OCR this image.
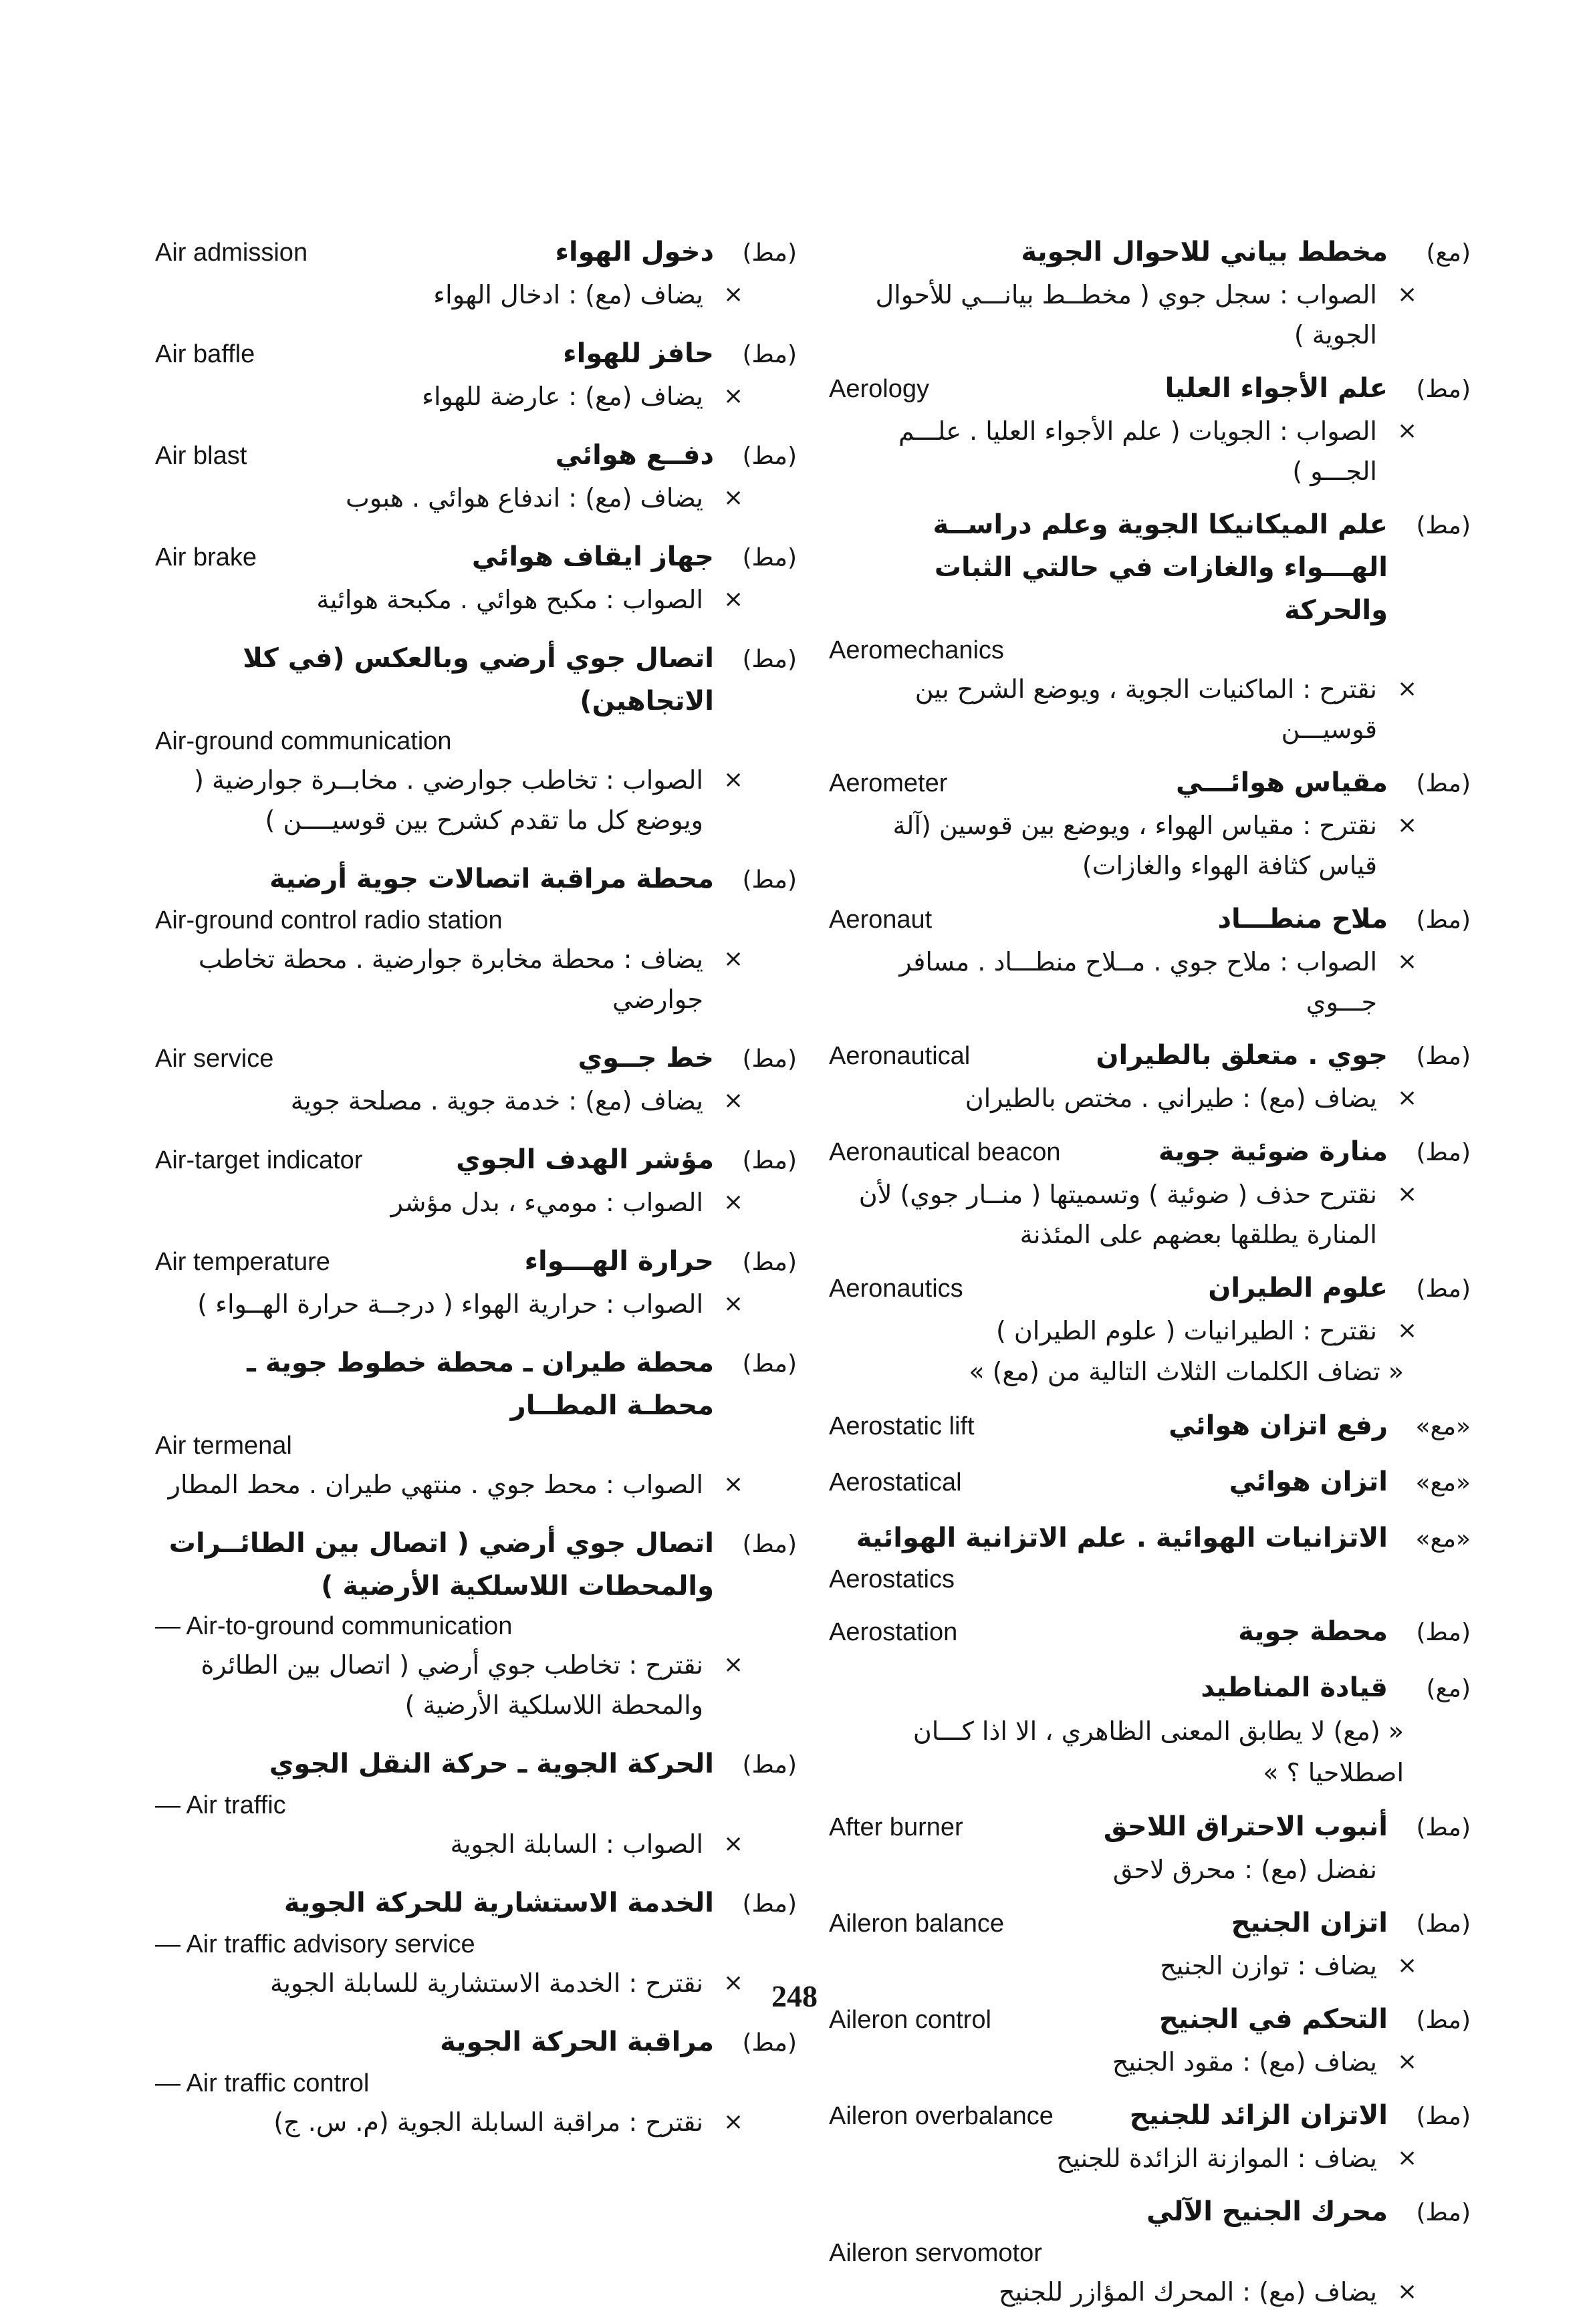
(مط)
دخول الهواء
Air admission
×
يضاف (مع) : ادخال الهواء
(مط)
حافز للهواء
Air baffle
×
يضاف (مع) : عارضة للهواء
(مط)
دفــع هوائي
Air blast
×
يضاف (مع) : اندفاع هوائي . هبوب
(مط)
جهاز ايقاف هوائي
Air brake
×
الصواب : مكبح هوائي . مكبحة هوائية
(مط)
اتصال جوي أرضي وبالعكس (في كلا الاتجاهين)
Air-ground communication
×
الصواب : تخاطب جوارضي . مخابــرة جوارضية ( ويوضع كل ما تقدم كشرح بين قوسيــــن )
(مط)
محطة مراقبة اتصالات جوية أرضية
Air-ground control radio station
×
يضاف : محطة مخابرة جوارضية . محطة تخاطب جوارضي
(مط)
خط جــوي
Air service
×
يضاف (مع) : خدمة جوية . مصلحة جوية
(مط)
مؤشر الهدف الجوي
Air-target indicator
×
الصواب : موميء ، بدل مؤشر
(مط)
حرارة الهـــواء
Air temperature
×
الصواب : حرارية الهواء ( درجــة حرارة الهــواء )
(مط)
محطة طيران ـ محطة خطوط جوية ـ محطـة المطــار
Air termenal
×
الصواب : محط جوي . منتهي طيران . محط المطار
(مط)
اتصال جوي أرضي ( اتصال بين الطائــرات والمحطات اللاسلكية الأرضية )
— Air-to-ground communication
×
نقترح : تخاطب جوي أرضي ( اتصال بين الطائرة والمحطة اللاسلكية الأرضية )
(مط)
الحركة الجوية ـ حركة النقل الجوي
— Air traffic
×
الصواب : السابلة الجوية
(مط)
الخدمة الاستشارية للحركة الجوية
— Air traffic advisory service
×
نقترح : الخدمة الاستشارية للسابلة الجوية
(مط)
مراقبة الحركة الجوية
— Air traffic control
×
نقترح : مراقبة السابلة الجوية (م. س. ج)
(مع)
مخطط بياني للاحوال الجوية
×
الصواب : سجل جوي ( مخطــط بيانـــي للأحوال الجوية )
(مط)
علم الأجواء العليا
Aerology
×
الصواب : الجويات ( علم الأجواء العليا . علـــم الجـــو )
(مط)
علم الميكانيكا الجوية وعلم دراســة الهـــواء والغازات في حالتي الثبات والحركة
Aeromechanics
×
نقترح : الماكنيات الجوية ، ويوضع الشرح بين قوسيـــن
(مط)
مقياس هوائـــي
Aerometer
×
نقترح : مقياس الهواء ، ويوضع بين قوسين (آلة قياس كثافة الهواء والغازات)
(مط)
ملاح منطـــاد
Aeronaut
×
الصواب : ملاح جوي . مــلاح منطـــاد . مسافر جـــوي
(مط)
جوي . متعلق بالطيران
Aeronautical
×
يضاف (مع) : طيراني . مختص بالطيران
(مط)
منارة ضوئية جوية
Aeronautical beacon
×
نقترح حذف ( ضوئية ) وتسميتها ( منــار جوي) لأن المنارة يطلقها بعضهم على المئذنة
(مط)
علوم الطيران
Aeronautics
×
نقترح : الطيرانيات ( علوم الطيران )
« تضاف الكلمات الثلاث التالية من (مع) »
«مع»
رفع اتزان هوائي
Aerostatic lift
«مع»
اتزان هوائي
Aerostatical
«مع»
الاتزانيات الهوائية . علم الاتزانية الهوائية
Aerostatics
(مط)
محطة جوية
Aerostation
(مع)
قيادة المناطيد
« (مع) لا يطابق المعنى الظاهري ، الا اذا كـــان اصطلاحيا ؟ »
(مط)
أنبوب الاحتراق اللاحق
After burner
نفضل (مع) : محرق لاحق
(مط)
اتزان الجنيح
Aileron balance
×
يضاف : توازن الجنيح
(مط)
التحكم في الجنيح
Aileron control
×
يضاف (مع) : مقود الجنيح
(مط)
الاتزان الزائد للجنيح
Aileron overbalance
×
يضاف : الموازنة الزائدة للجنيح
(مط)
محرك الجنيح الآلي
Aileron servomotor
×
يضاف (مع) : المحرك المؤازر للجنيح
248
